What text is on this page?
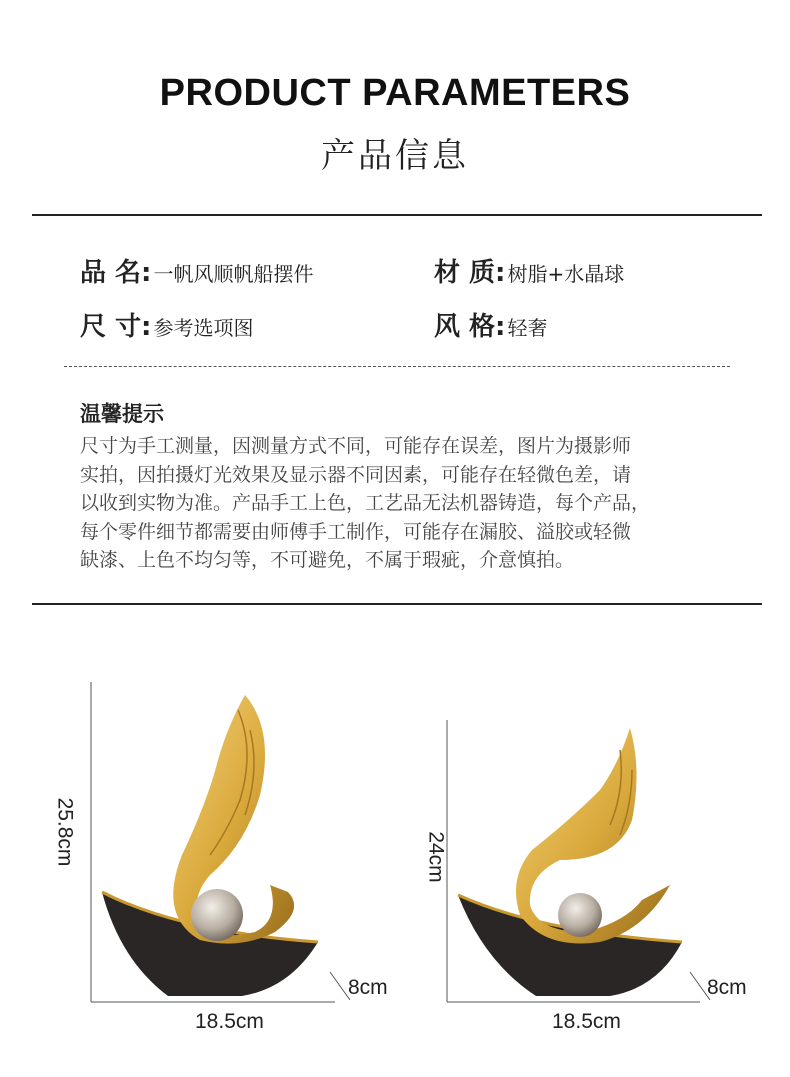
PRODUCT PARAMETERS
产品信息
品 名: 一帆风顺帆船摆件	材 质: 树脂+水晶球
尺 寸: 参考选项图	风 格: 轻奢
温馨提示
尺寸为手工测量，因测量方式不同，可能存在误差，图片为摄影师
实拍，因拍摄灯光效果及显示器不同因素，可能存在轻微色差，请
以收到实物为准。产品手工上色，工艺品无法机器铸造，每个产品，
每个零件细节都需要由师傅手工制作，可能存在漏胶、溢胶或轻微
缺漆、上色不均匀等，不可避免，不属于瑕疵，介意慎拍。
25.8cm
18.5cm
8cm
24cm
18.5cm
8cm
